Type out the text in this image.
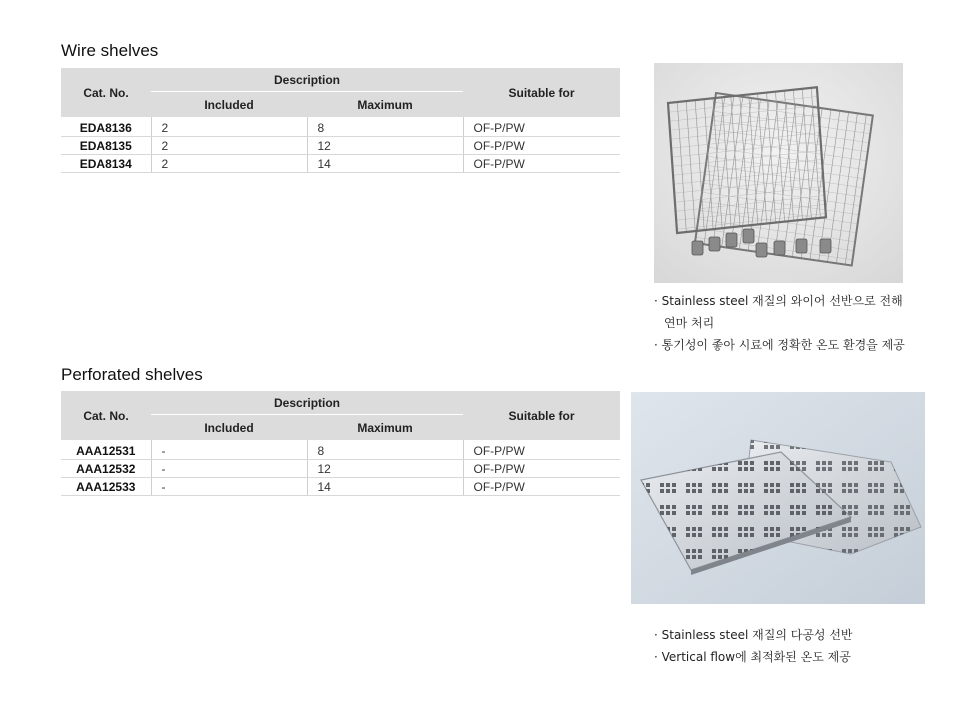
Wire shelves
Cat. No.	Description		Suitable for
	Included	Maximum	
EDA8136	2	8	OF-P/PW
EDA8135	2	12	OF-P/PW
EDA8134	2	14	OF-P/PW
· Stainless steel 재질의 와이어 선반으로 전해
연마 처리
· 통기성이 좋아 시료에 정확한 온도 환경을 제공
Perforated shelves
Cat. No.	Description		Suitable for
	Included	Maximum	
AAA12531	-	8	OF-P/PW
AAA12532	-	12	OF-P/PW
AAA12533	-	14	OF-P/PW
· Stainless steel 재질의 다공성 선반
· Vertical flow에 최적화된 온도 제공
